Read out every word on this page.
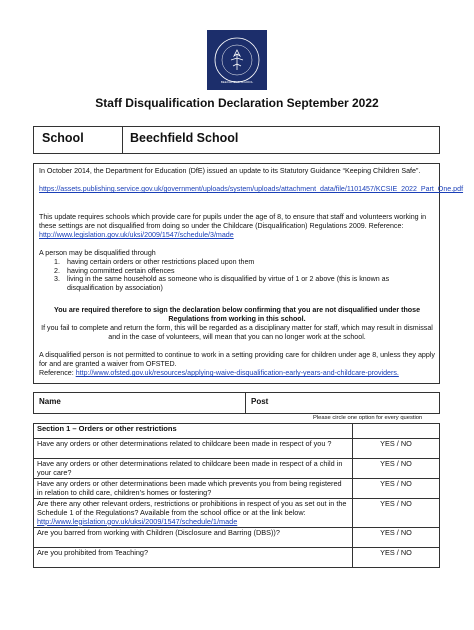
BEECHFIELD SCHOOL
Staff Disqualification Declaration September 2022
School	Beechfield School

In October 2014, the Department for Education (DfE) issued an update to its Statutory Guidance “Keeping Children Safe”.

https://assets.publishing.service.gov.uk/government/uploads/system/uploads/attachment_data/file/1101457/KCSIE_2022_Part_One.pdf

This update requires schools which provide care for pupils under the age of 8, to ensure that staff and volunteers working in these settings are not disqualified from doing so under the Childcare (Disqualification) Regulations 2009. Reference:

http://www.legislation.gov.uk/uksi/2009/1547/schedule/3/made

A person may be disqualified through

1. having certain orders or other restrictions placed upon them
2. having committed certain offences
3. living in the same household as someone who is disqualified by virtue of 1 or 2 above (this is known as disqualification by association)

You are required therefore to sign the declaration below confirming that you are not disqualified under those Regulations from working in this school.

If you fail to complete and return the form, this will be regarded as a disciplinary matter for staff, which may result in dismissal and in the case of volunteers, will mean that you can no longer work at the school.

A disqualified person is not permitted to continue to work in a setting providing care for children under age 8, unless they apply for and are granted a waiver from OFSTED.

Reference: http://www.ofsted.gov.uk/resources/applying-waive-disqualification-early-years-and-childcare-providers.

Name	Post
Please circle one option for every question
Section 1 – Orders or other restrictions	
Have any orders or other determinations related to childcare been made in respect of you ?	YES / NO
Have any orders or other determinations related to childcare been made in respect of a child in your care?	YES / NO
Have any orders or other determinations been made which prevents you from being registered in relation to child care, children’s homes or fostering?	YES / NO
Are there any other relevant orders, restrictions or prohibitions in respect of you as set out in the Schedule 1 of the Regulations? Available from the school office or at the link below: http://www.legislation.gov.uk/uksi/2009/1547/schedule/1/made	YES / NO
Are you barred from working with Children (Disclosure and Barring (DBS))?	YES / NO
Are you prohibited from Teaching?	YES / NO
